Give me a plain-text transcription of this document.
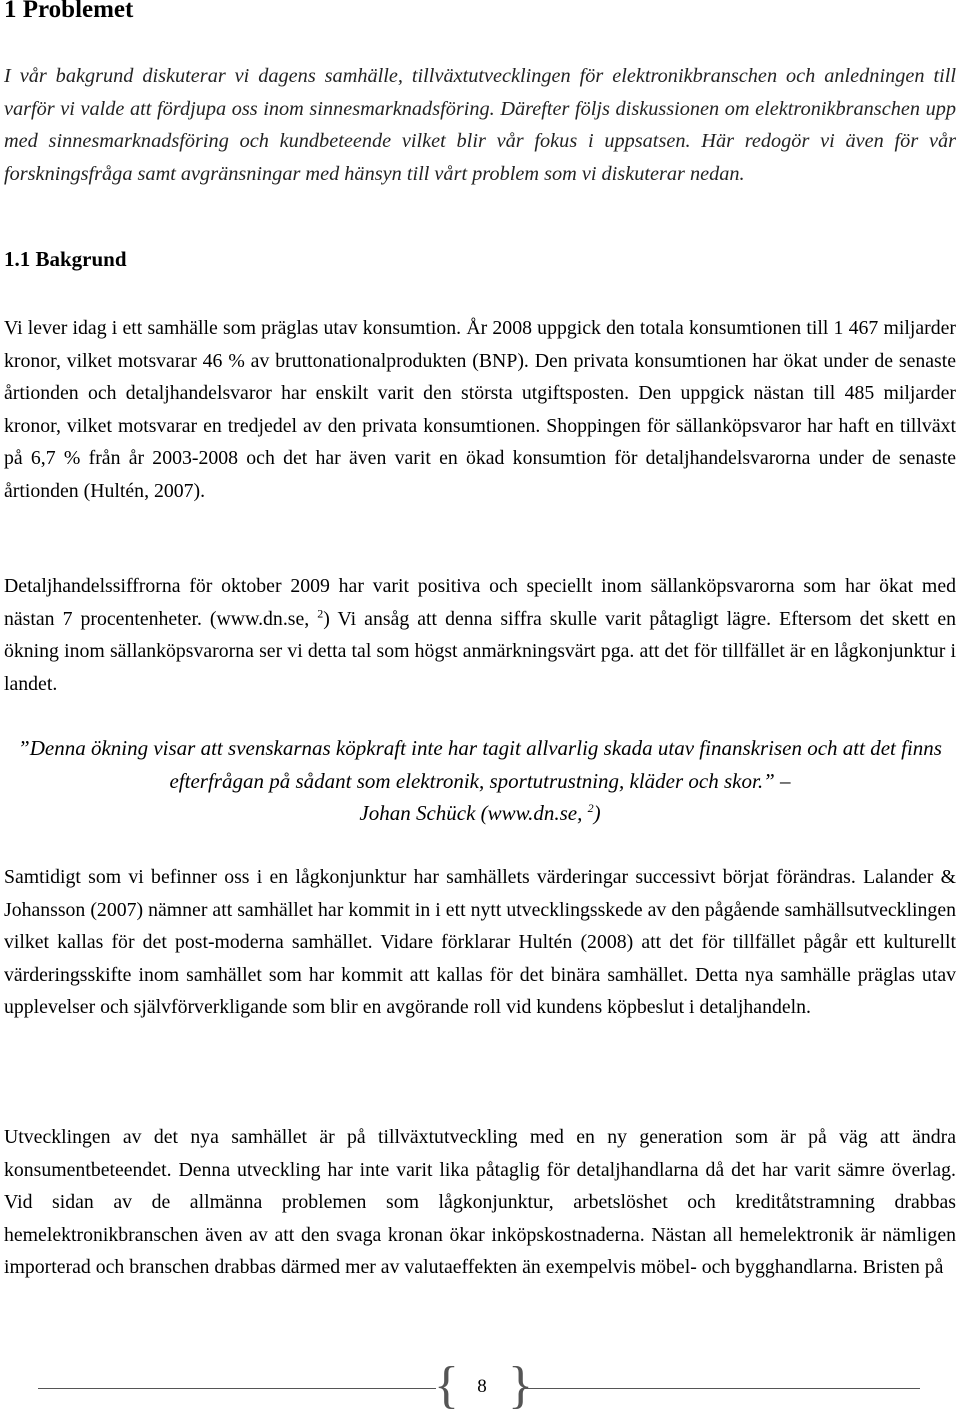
1 Problemet

I vår bakgrund diskuterar vi dagens samhälle, tillväxtutvecklingen för elektronikbranschen och anledningen till varför vi valde att fördjupa oss inom sinnesmarknadsföring. Därefter följs diskussionen om elektronikbranschen upp med sinnesmarknadsföring och kundbeteende vilket blir vår fokus i uppsatsen. Här redogör vi även för vår forskningsfråga samt avgränsningar med hänsyn till vårt problem som vi diskuterar nedan.

1.1 Bakgrund

Vi lever idag i ett samhälle som präglas utav konsumtion. År 2008 uppgick den totala konsumtionen till 1 467 miljarder kronor, vilket motsvarar 46 % av bruttonationalprodukten (BNP). Den privata konsumtionen har ökat under de senaste årtionden och detaljhandelsvaror har enskilt varit den största utgiftsposten. Den uppgick nästan till 485 miljarder kronor, vilket motsvarar en tredjedel av den privata konsumtionen. Shoppingen för sällanköpsvaror har haft en tillväxt på 6,7 % från år 2003-2008 och det har även varit en ökad konsumtion för detaljhandelsvarorna under de senaste årtionden (Hultén, 2007).

Detaljhandelssiffrorna för oktober 2009 har varit positiva och speciellt inom sällanköpsvarorna som har ökat med nästan 7 procentenheter. (www.dn.se, $^2$) Vi ansåg att denna siffra skulle varit påtagligt lägre. Eftersom det skett en ökning inom sällanköpsvarorna ser vi detta tal som högst anmärkningsvärt pga. att det för tillfället är en lågkonjunktur i landet.

”Denna ökning visar att svenskarnas köpkraft inte har tagit allvarlig skada utav finanskrisen och att det finns efterfrågan på sådant som elektronik, sportutrustning, kläder och skor.” –
Johan Schück (www.dn.se, $^2$)

Samtidigt som vi befinner oss i en lågkonjunktur har samhällets värderingar successivt börjat förändras. Lalander & Johansson (2007) nämner att samhället har kommit in i ett nytt utvecklingsskede av den pågående samhällsutvecklingen vilket kallas för det post-moderna samhället. Vidare förklarar Hultén (2008) att det för tillfället pågår ett kulturellt värderingsskifte inom samhället som har kommit att kallas för det binära samhället. Detta nya samhälle präglas utav upplevelser och självförverkligande som blir en avgörande roll vid kundens köpbeslut i detaljhandeln.

Utvecklingen av det nya samhället är på tillväxtutveckling med en ny generation som är på väg att ändra konsumentbeteendet. Denna utveckling har inte varit lika påtaglig för detaljhandlarna då det har varit sämre överlag. Vid sidan av de allmänna problemen som lågkonjunktur, arbetslöshet och kreditåtstramning drabbas hemelektronikbranschen även av att den svaga kronan ökar inköpskostnaderna. Nästan all hemelektronik är nämligen importerad och branschen drabbas därmed mer av valutaeffekten än exempelvis möbel- och bygghandlarna. Bristen på

{ 8 }
